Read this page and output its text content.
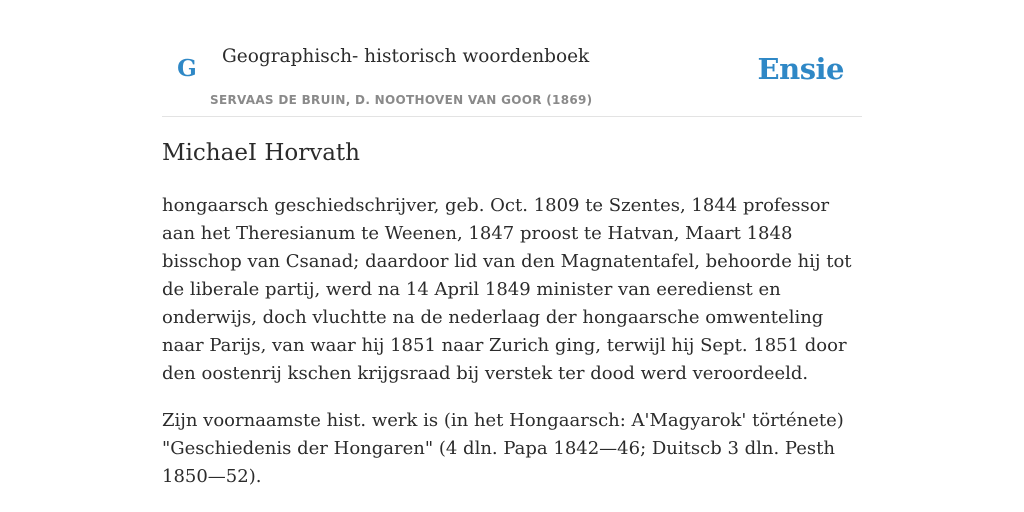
G Geographisch- historisch woordenboek
SERVAAS DE BRUIN, D. NOOTHOVEN VAN GOOR (1869)
Ensie
MichaeI Horvath

hongaarsch geschiedschrijver, geb. Oct. 1809 te Szentes, 1844 professor aan het Theresianum te Weenen, 1847 proost te Hatvan, Maart 1848 bisschop van Csanad; daardoor lid van den Magnatentafel, behoorde hij tot de liberale partij, werd na 14 April 1849 minister van eeredienst en onderwijs, doch vluchtte na de nederlaag der hongaarsche omwenteling naar Parijs, van waar hij 1851 naar Zurich ging, terwijl hij Sept. 1851 door den oostenrij kschen krijgsraad bij verstek ter dood werd veroordeeld.

Zijn voornaamste hist. werk is (in het Hongaarsch: A'Magyarok' története) "Geschiedenis der Hongaren" (4 dln. Papa 1842—46; Duitscb 3 dln. Pesth 1850—52).
